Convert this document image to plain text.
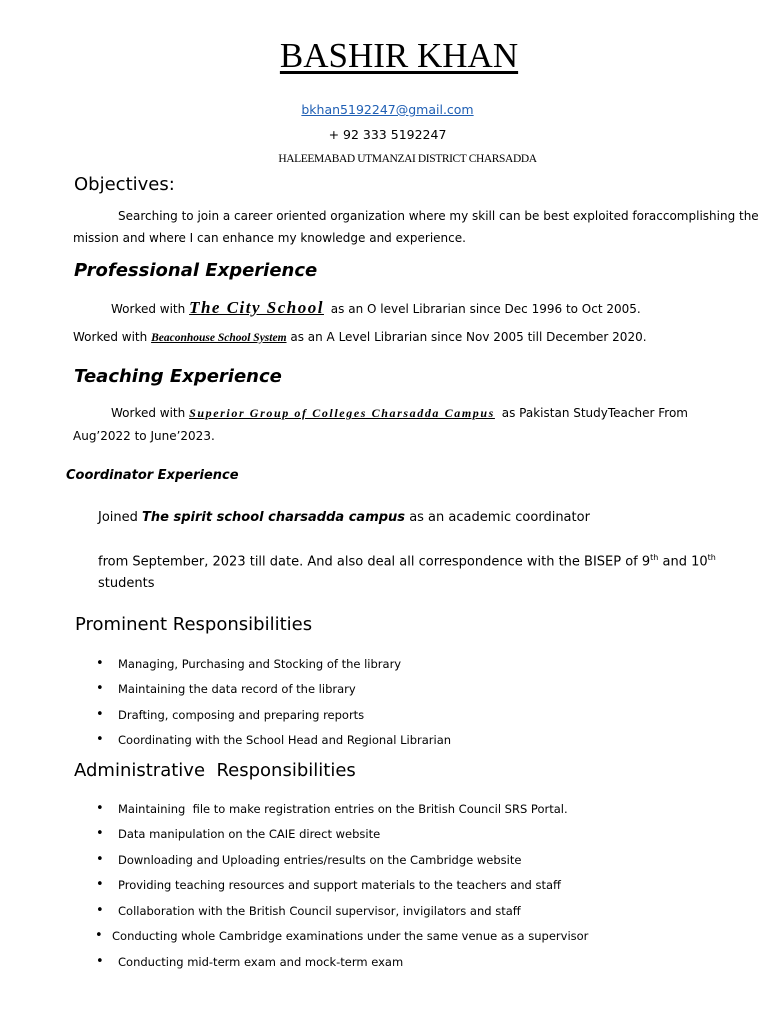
BASHIR KHAN
bkhan5192247@gmail.com
+ 92 333 5192247
HALEEMABAD UTMANZAI DISTRICT CHARSADDA
Objectives:
Searching to join a career oriented organization where my skill can be best exploited foraccomplishing the
mission and where I can enhance my knowledge and experience.
Professional Experience
Worked with The City School as an O level Librarian since Dec 1996 to Oct 2005.
Worked with Beaconhouse School System as an A Level Librarian since Nov 2005 till December 2020.
Teaching Experience
Worked with Superior Group of Colleges Charsadda Campus as Pakistan StudyTeacher From
Aug’2022 to June’2023.
Coordinator Experience
Joined The spirit school charsadda campus as an academic coordinator
from September, 2023 till date. And also deal all correspondence with the BISEP of 9th and 10th
students
Prominent Responsibilities
• Managing, Purchasing and Stocking of the library
• Maintaining the data record of the library
• Drafting, composing and preparing reports
• Coordinating with the School Head and Regional Librarian
Administrative  Responsibilities
• Maintaining  file to make registration entries on the British Council SRS Portal.
• Data manipulation on the CAIE direct website
• Downloading and Uploading entries/results on the Cambridge website
• Providing teaching resources and support materials to the teachers and staff
• Collaboration with the British Council supervisor, invigilators and staff
• Conducting whole Cambridge examinations under the same venue as a supervisor
• Conducting mid-term exam and mock-term exam
